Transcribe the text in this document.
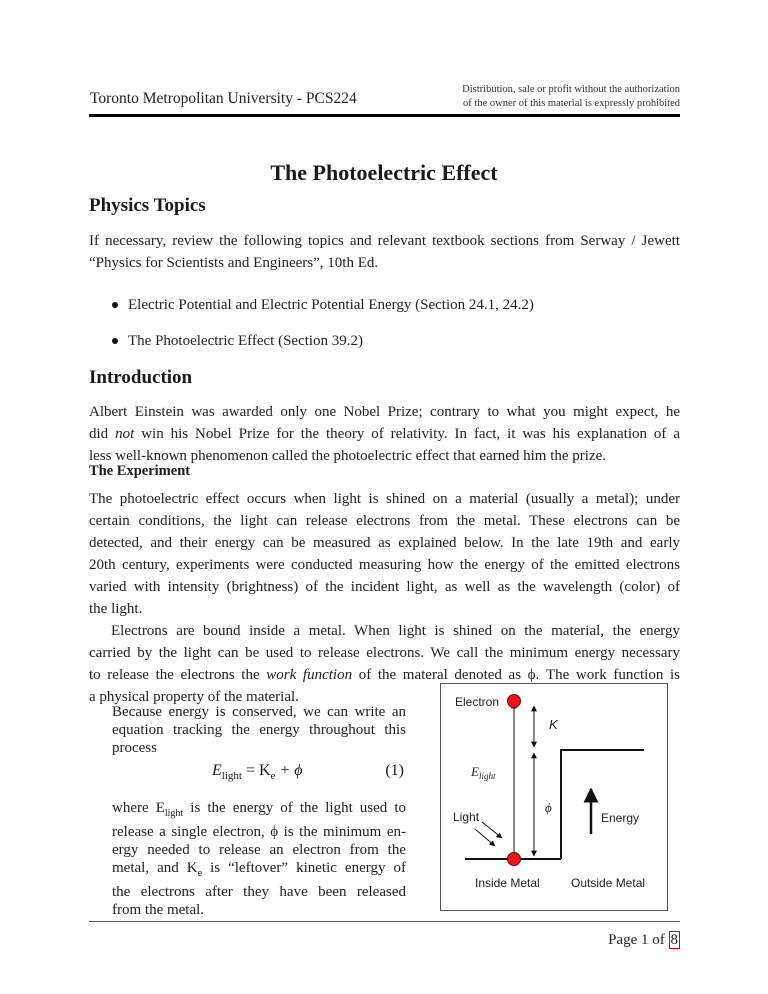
Toronto Metropolitan University - PCS224
Distribution, sale or profit without the authorization
of the owner of this material is expressly prohibited
The Photoelectric Effect
Physics Topics
If necessary, review the following topics and relevant textbook sections from Serway / Jewett
“Physics for Scientists and Engineers”, 10th Ed.
Electric Potential and Electric Potential Energy (Section 24.1, 24.2)
The Photoelectric Effect (Section 39.2)
Introduction
Albert Einstein was awarded only one Nobel Prize; contrary to what you might expect, he
did not win his Nobel Prize for the theory of relativity. In fact, it was his explanation of a
less well-known phenomenon called the photoelectric effect that earned him the prize.
The Experiment
The photoelectric effect occurs when light is shined on a material (usually a metal); under
certain conditions, the light can release electrons from the metal. These electrons can be
detected, and their energy can be measured as explained below. In the late 19th and early
20th century, experiments were conducted measuring how the energy of the emitted electrons
varied with intensity (brightness) of the incident light, as well as the wavelength (color) of
the light.
Electrons are bound inside a metal. When light is shined on the material, the energy
carried by the light can be used to release electrons. We call the minimum energy necessary
to release the electrons the work function of the materal denoted as ϕ. The work function is
a physical property of the material.
Because energy is conserved, we can write an
equation tracking the energy throughout this
process
$E_{light} = K_e + \phi$	(1)
where $E_{light}$ is the energy of the light used to
release a single electron, ϕ is the minimum en-
ergy needed to release an electron from the
metal, and $K_e$ is “leftover” kinetic energy of
the electrons after they have been released
from the metal.
Electron
K
$E_{light}$
ϕ
Light	Energy
Inside Metal	Outside Metal
Page 1 of 8
